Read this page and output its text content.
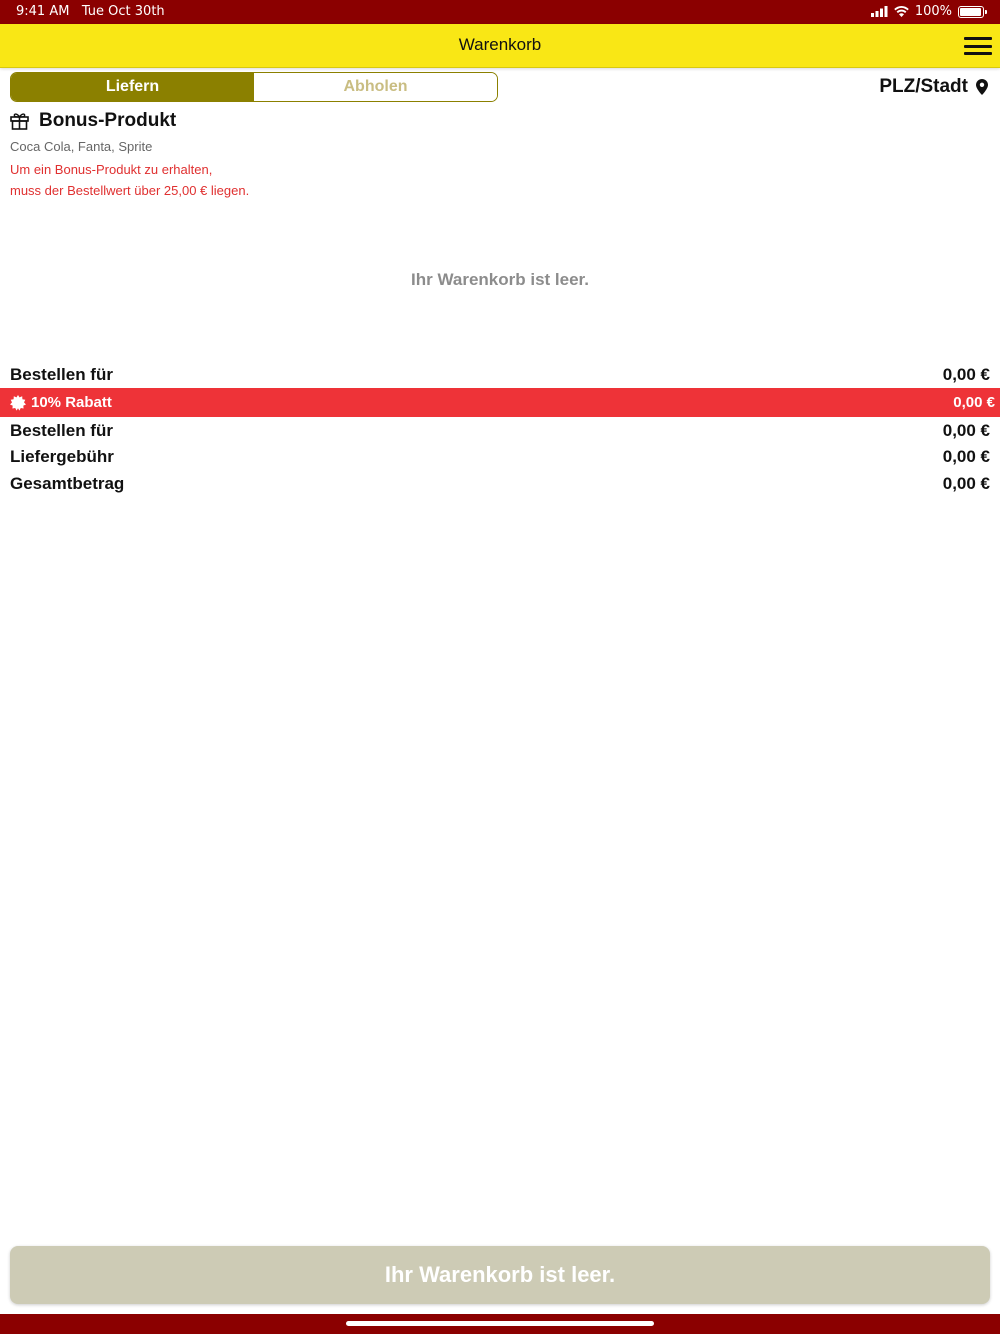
9:41 AM Tue Oct 30th	100%
Warenkorb
Liefern	Abholen	PLZ/Stadt
Bonus-Produkt
Coca Cola, Fanta, Sprite
Um ein Bonus-Produkt zu erhalten,
muss der Bestellwert über 25,00 € liegen.
Ihr Warenkorb ist leer.
Bestellen für	0,00 €
10% Rabatt	0,00 €
Bestellen für	0,00 €
Liefergebühr	0,00 €
Gesamtbetrag	0,00 €
Ihr Warenkorb ist leer.
